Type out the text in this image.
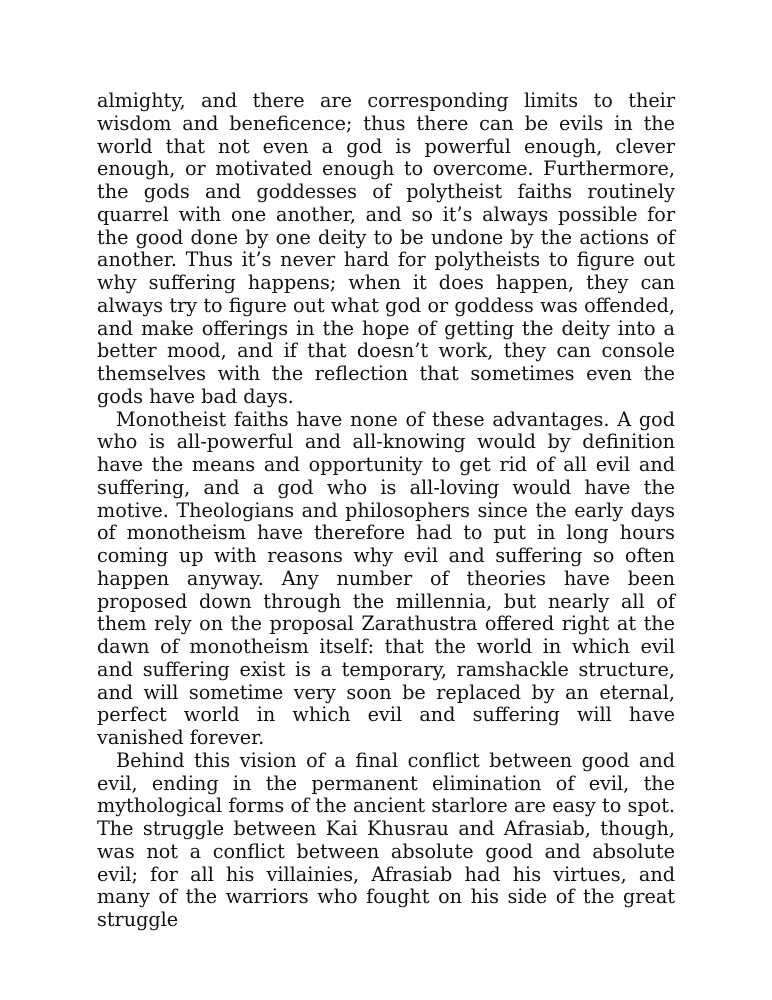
almighty, and there are corresponding limits to their wisdom and beneficence; thus there can be evils in the world that not even a god is powerful enough, clever enough, or motivated enough to overcome. Furthermore, the gods and goddesses of polytheist faiths routinely quarrel with one another, and so it’s always possible for the good done by one deity to be undone by the actions of another. Thus it’s never hard for polytheists to figure out why suffering happens; when it does happen, they can always try to figure out what god or goddess was offended, and make offerings in the hope of getting the deity into a better mood, and if that doesn’t work, they can console themselves with the reflection that sometimes even the gods have bad days.

Monotheist faiths have none of these advantages. A god who is all-powerful and all-knowing would by definition have the means and opportunity to get rid of all evil and suffering, and a god who is all-loving would have the motive. Theologians and philosophers since the early days of monotheism have therefore had to put in long hours coming up with reasons why evil and suffering so often happen anyway. Any number of theories have been proposed down through the millennia, but nearly all of them rely on the proposal Zarathustra offered right at the dawn of monotheism itself: that the world in which evil and suffering exist is a temporary, ramshackle structure, and will sometime very soon be replaced by an eternal, perfect world in which evil and suffering will have vanished forever.

Behind this vision of a final conflict between good and evil, ending in the permanent elimination of evil, the mythological forms of the ancient starlore are easy to spot. The struggle between Kai Khusrau and Afrasiab, though, was not a conflict between absolute good and absolute evil; for all his villainies, Afrasiab had his virtues, and many of the warriors who fought on his side of the great struggle
